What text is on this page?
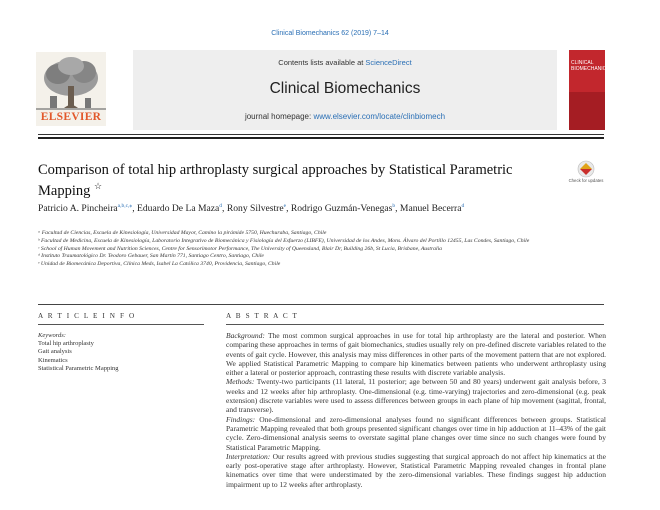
Clinical Biomechanics 62 (2019) 7–14
ELSEVIER
Contents lists available at ScienceDirect
Clinical Biomechanics
journal homepage: www.elsevier.com/locate/clinbiomech
CLINICAL BIOMECHANICS
Comparison of total hip arthroplasty surgical approaches by Statistical Parametric Mapping ☆
Check for updates
Patricio A. Pincheira$^{a,b,c,⁎}$, Eduardo De La Maza$^d$, Rony Silvestre$^e$, Rodrigo Guzmán-Venegas$^b$, Manuel Becerra$^d$
ᵃ Facultad de Ciencias, Escuela de Kinesiología, Universidad Mayor, Camino la pirámide 5750, Huechuraba, Santiago, Chile
ᵇ Facultad de Medicina, Escuela de Kinesiología, Laboratorio Integrativo de Biomecánica y Fisiología del Esfuerzo (LIBFE), Universidad de los Andes, Mons. Álvaro del Portillo 12455, Las Condes, Santiago, Chile
ᶜ School of Human Movement and Nutrition Sciences, Centre for Sensorimotor Performance, The University of Queensland, Blair Dr, Building 26b, St Lucia, Brisbane, Australia
ᵈ Instituto Traumatológico Dr. Teodoro Gebauer, San Martín 771, Santiago Centro, Santiago, Chile
ᵉ Unidad de Biomecánica Deportiva, Clínica Meds, Isabel La Católica 3740, Providencia, Santiago, Chile
A R T I C L E I N F O
Keywords:
Total hip arthroplasty
Gait analysis
Kinematics
Statistical Parametric Mapping
A B S T R A C T

Background: The most common surgical approaches in use for total hip arthroplasty are the lateral and posterior. When comparing these approaches in terms of gait biomechanics, studies usually rely on pre-defined discrete variables related to the events of gait cycle. However, this analysis may miss differences in other parts of the movement pattern that are not explored. We applied Statistical Parametric Mapping to compare hip kinematics between patients who underwent arthroplasty using either a lateral or posterior approach, contrasting these results with discrete variable analysis.

Methods: Twenty-two participants (11 lateral, 11 posterior; age between 50 and 80 years) underwent gait analysis before, 3 weeks and 12 weeks after hip arthroplasty. One-dimensional (e.g. time-varying) trajectories and zero-dimensional (e.g. peak extension) discrete variables were used to assess differences between groups in each plane of hip movement (sagittal, frontal, and transverse).

Findings: One-dimensional and zero-dimensional analyses found no significant differences between groups. Statistical Parametric Mapping revealed that both groups presented significant changes over time in hip adduction at 11–43% of the gait cycle. Zero-dimensional analysis seems to overstate sagittal plane changes over time since no such changes were found by Statistical Parametric Mapping.

Interpretation: Our results agreed with previous studies suggesting that surgical approach do not affect hip kinematics at the early post-operative stage after arthroplasty. However, Statistical Parametric Mapping revealed changes in frontal plane kinematics over time that were understimated by the zero-dimensional variables. These findings suggest hip adduction impairment up to 12 weeks after arthroplasty.
